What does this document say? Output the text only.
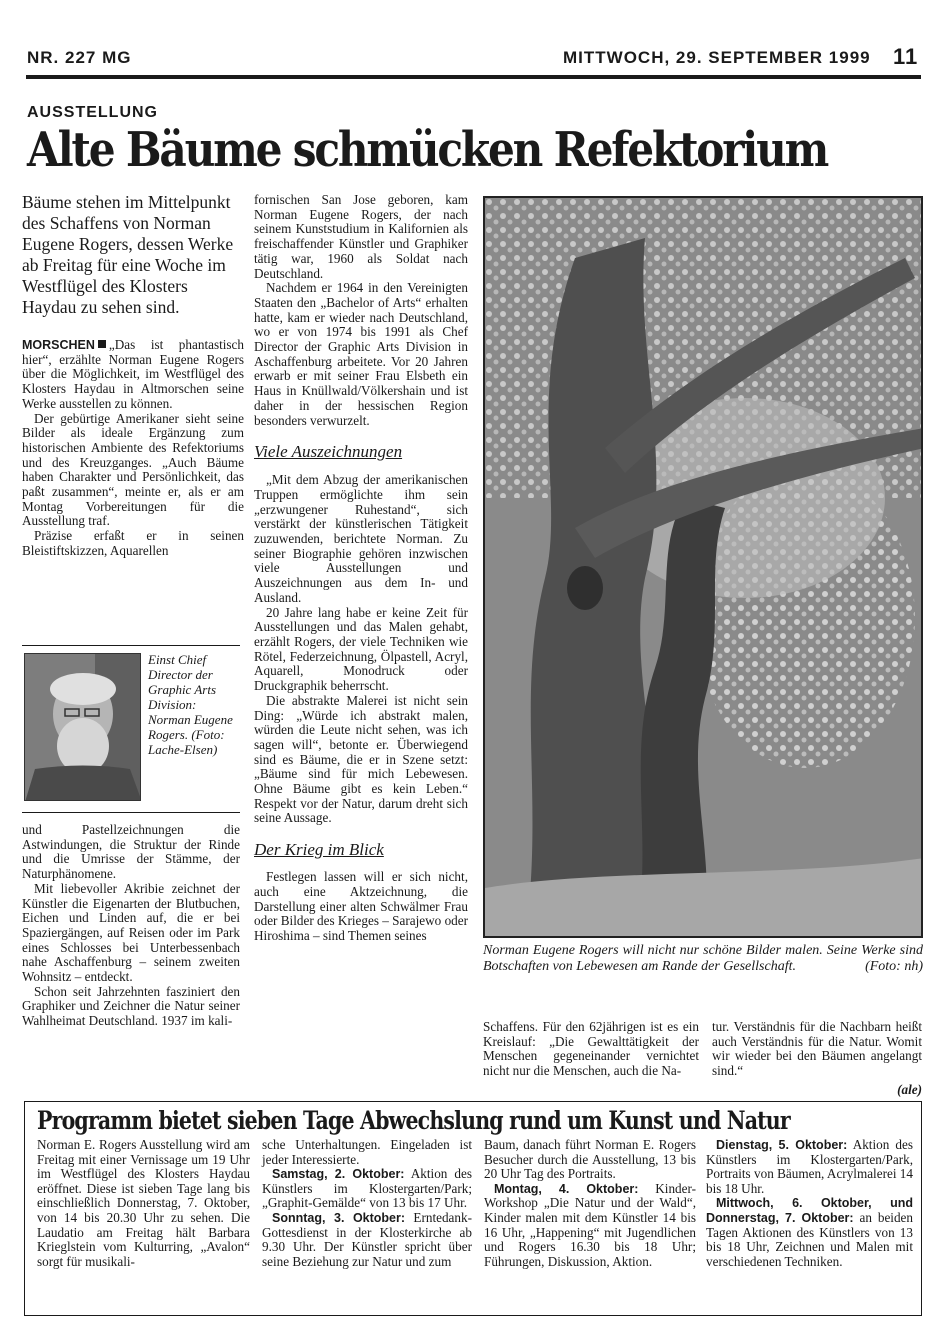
NR. 227 MG	MITTWOCH, 29. SEPTEMBER 1999 11
AUSSTELLUNG
Alte Bäume schmücken Refektorium
Bäume stehen im Mittelpunkt des Schaffens von Norman Eugene Rogers, dessen Werke ab Freitag für eine Woche im Westflügel des Klosters Haydau zu sehen sind.

MORSCHEN „Das ist phantastisch hier“, erzählte Norman Eugene Rogers über die Möglichkeit, im Westflügel des Klosters Haydau in Altmorschen seine Werke ausstellen zu können.

Der gebürtige Amerikaner sieht seine Bilder als ideale Ergänzung zum historischen Ambiente des Refektoriums und des Kreuzganges. „Auch Bäume haben Charakter und Persönlichkeit, das paßt zusammen“, meinte er, als er am Montag Vorbereitungen für die Ausstellung traf.

Präzise erfaßt er in seinen Bleistiftskizzen, Aquarellen

Einst Chief Director der Graphic Arts Division: Norman Eugene Rogers. (Foto: Lache-Elsen)

und Pastellzeichnungen die Astwindungen, die Struktur der Rinde und die Umrisse der Stämme, der Naturphänomene.

Mit liebevoller Akribie zeichnet der Künstler die Eigenarten der Blutbuchen, Eichen und Linden auf, die er bei Spaziergängen, auf Reisen oder im Park eines Schlosses bei Unterbessenbach nahe Aschaffenburg – seinem zweiten Wohnsitz – entdeckt.

Schon seit Jahrzehnten fasziniert den Graphiker und Zeichner die Natur seiner Wahlheimat Deutschland. 1937 im kali-

fornischen San Jose geboren, kam Norman Eugene Rogers, der nach seinem Kunststudium in Kalifornien als freischaffender Künstler und Graphiker tätig war, 1960 als Soldat nach Deutschland.

Nachdem er 1964 in den Vereinigten Staaten den „Bachelor of Arts“ erhalten hatte, kam er wieder nach Deutschland, wo er von 1974 bis 1991 als Chef Director der Graphic Arts Division in Aschaffenburg arbeitete. Vor 20 Jahren erwarb er mit seiner Frau Elsbeth ein Haus in Knüllwald/Völkershain und ist daher in der hessischen Region besonders verwurzelt.

Viele Auszeichnungen

„Mit dem Abzug der amerikanischen Truppen ermöglichte ihm sein „erzwungener Ruhestand“, sich verstärkt der künstlerischen Tätigkeit zuzuwenden, berichtete Norman. Zu seiner Biographie gehören inzwischen viele Ausstellungen und Auszeichnungen aus dem In- und Ausland.

20 Jahre lang habe er keine Zeit für Ausstellungen und das Malen gehabt, erzählt Rogers, der viele Techniken wie Rötel, Federzeichnung, Ölpastell, Acryl, Aquarell, Monodruck oder Druckgraphik beherrscht.

Die abstrakte Malerei ist nicht sein Ding: „Würde ich abstrakt malen, würden die Leute nicht sehen, was ich sagen will“, betonte er. Überwiegend sind es Bäume, die er in Szene setzt: „Bäume sind für mich Lebewesen. Ohne Bäume gibt es kein Leben.“ Respekt vor der Natur, darum dreht sich seine Aussage.

Der Krieg im Blick

Festlegen lassen will er sich nicht, auch eine Aktzeichnung, die Darstellung einer alten Schwälmer Frau oder Bilder des Krieges – Sarajewo oder Hiroshima – sind Themen seines

Norman Eugene Rogers will nicht nur schöne Bilder malen. Seine Werke sind Botschaften von Lebewesen am Rande der Gesellschaft.	(Foto: nh)

Schaffens. Für den 62jährigen ist es ein Kreislauf: „Die Gewalttätigkeit der Menschen gegeneinander vernichtet nicht nur die Menschen, auch die Na-

tur. Verständnis für die Nachbarn heißt auch Verständnis für die Natur. Womit wir wieder bei den Bäumen angelangt sind.“

(ale)
Programm bietet sieben Tage Abwechslung rund um Kunst und Natur
Norman E. Rogers Ausstellung wird am Freitag mit einer Vernissage um 19 Uhr im Westflügel des Klosters Haydau eröffnet. Diese ist sieben Tage lang bis einschließlich Donnerstag, 7. Oktober, von 14 bis 20.30 Uhr zu sehen. Die Laudatio am Freitag hält Barbara Krieglstein vom Kulturring, „Avalon“ sorgt für musikali-
sche Unterhaltungen. Eingeladen ist jeder Interessierte.
Samstag, 2. Oktober: Aktion des Künstlers im Klostergarten/Park; „Graphit-Gemälde“ von 13 bis 17 Uhr.
Sonntag, 3. Oktober: Erntedank-Gottesdienst in der Klosterkirche ab 9.30 Uhr. Der Künstler spricht über seine Beziehung zur Natur und zum
Baum, danach führt Norman E. Rogers Besucher durch die Ausstellung, 13 bis 20 Uhr Tag des Portraits.
Montag, 4. Oktober: Kinder-Workshop „Die Natur und der Wald“, Kinder malen mit dem Künstler 14 bis 16 Uhr, „Happening“ mit Jugendlichen und Rogers 16.30 bis 18 Uhr; Führungen, Diskussion, Aktion.
Dienstag, 5. Oktober: Aktion des Künstlers im Klostergarten/Park, Portraits von Bäumen, Acrylmalerei 14 bis 18 Uhr.
Mittwoch, 6. Oktober, und Donnerstag, 7. Oktober: an beiden Tagen Aktionen des Künstlers von 13 bis 18 Uhr, Zeichnen und Malen mit verschiedenen Techniken.
